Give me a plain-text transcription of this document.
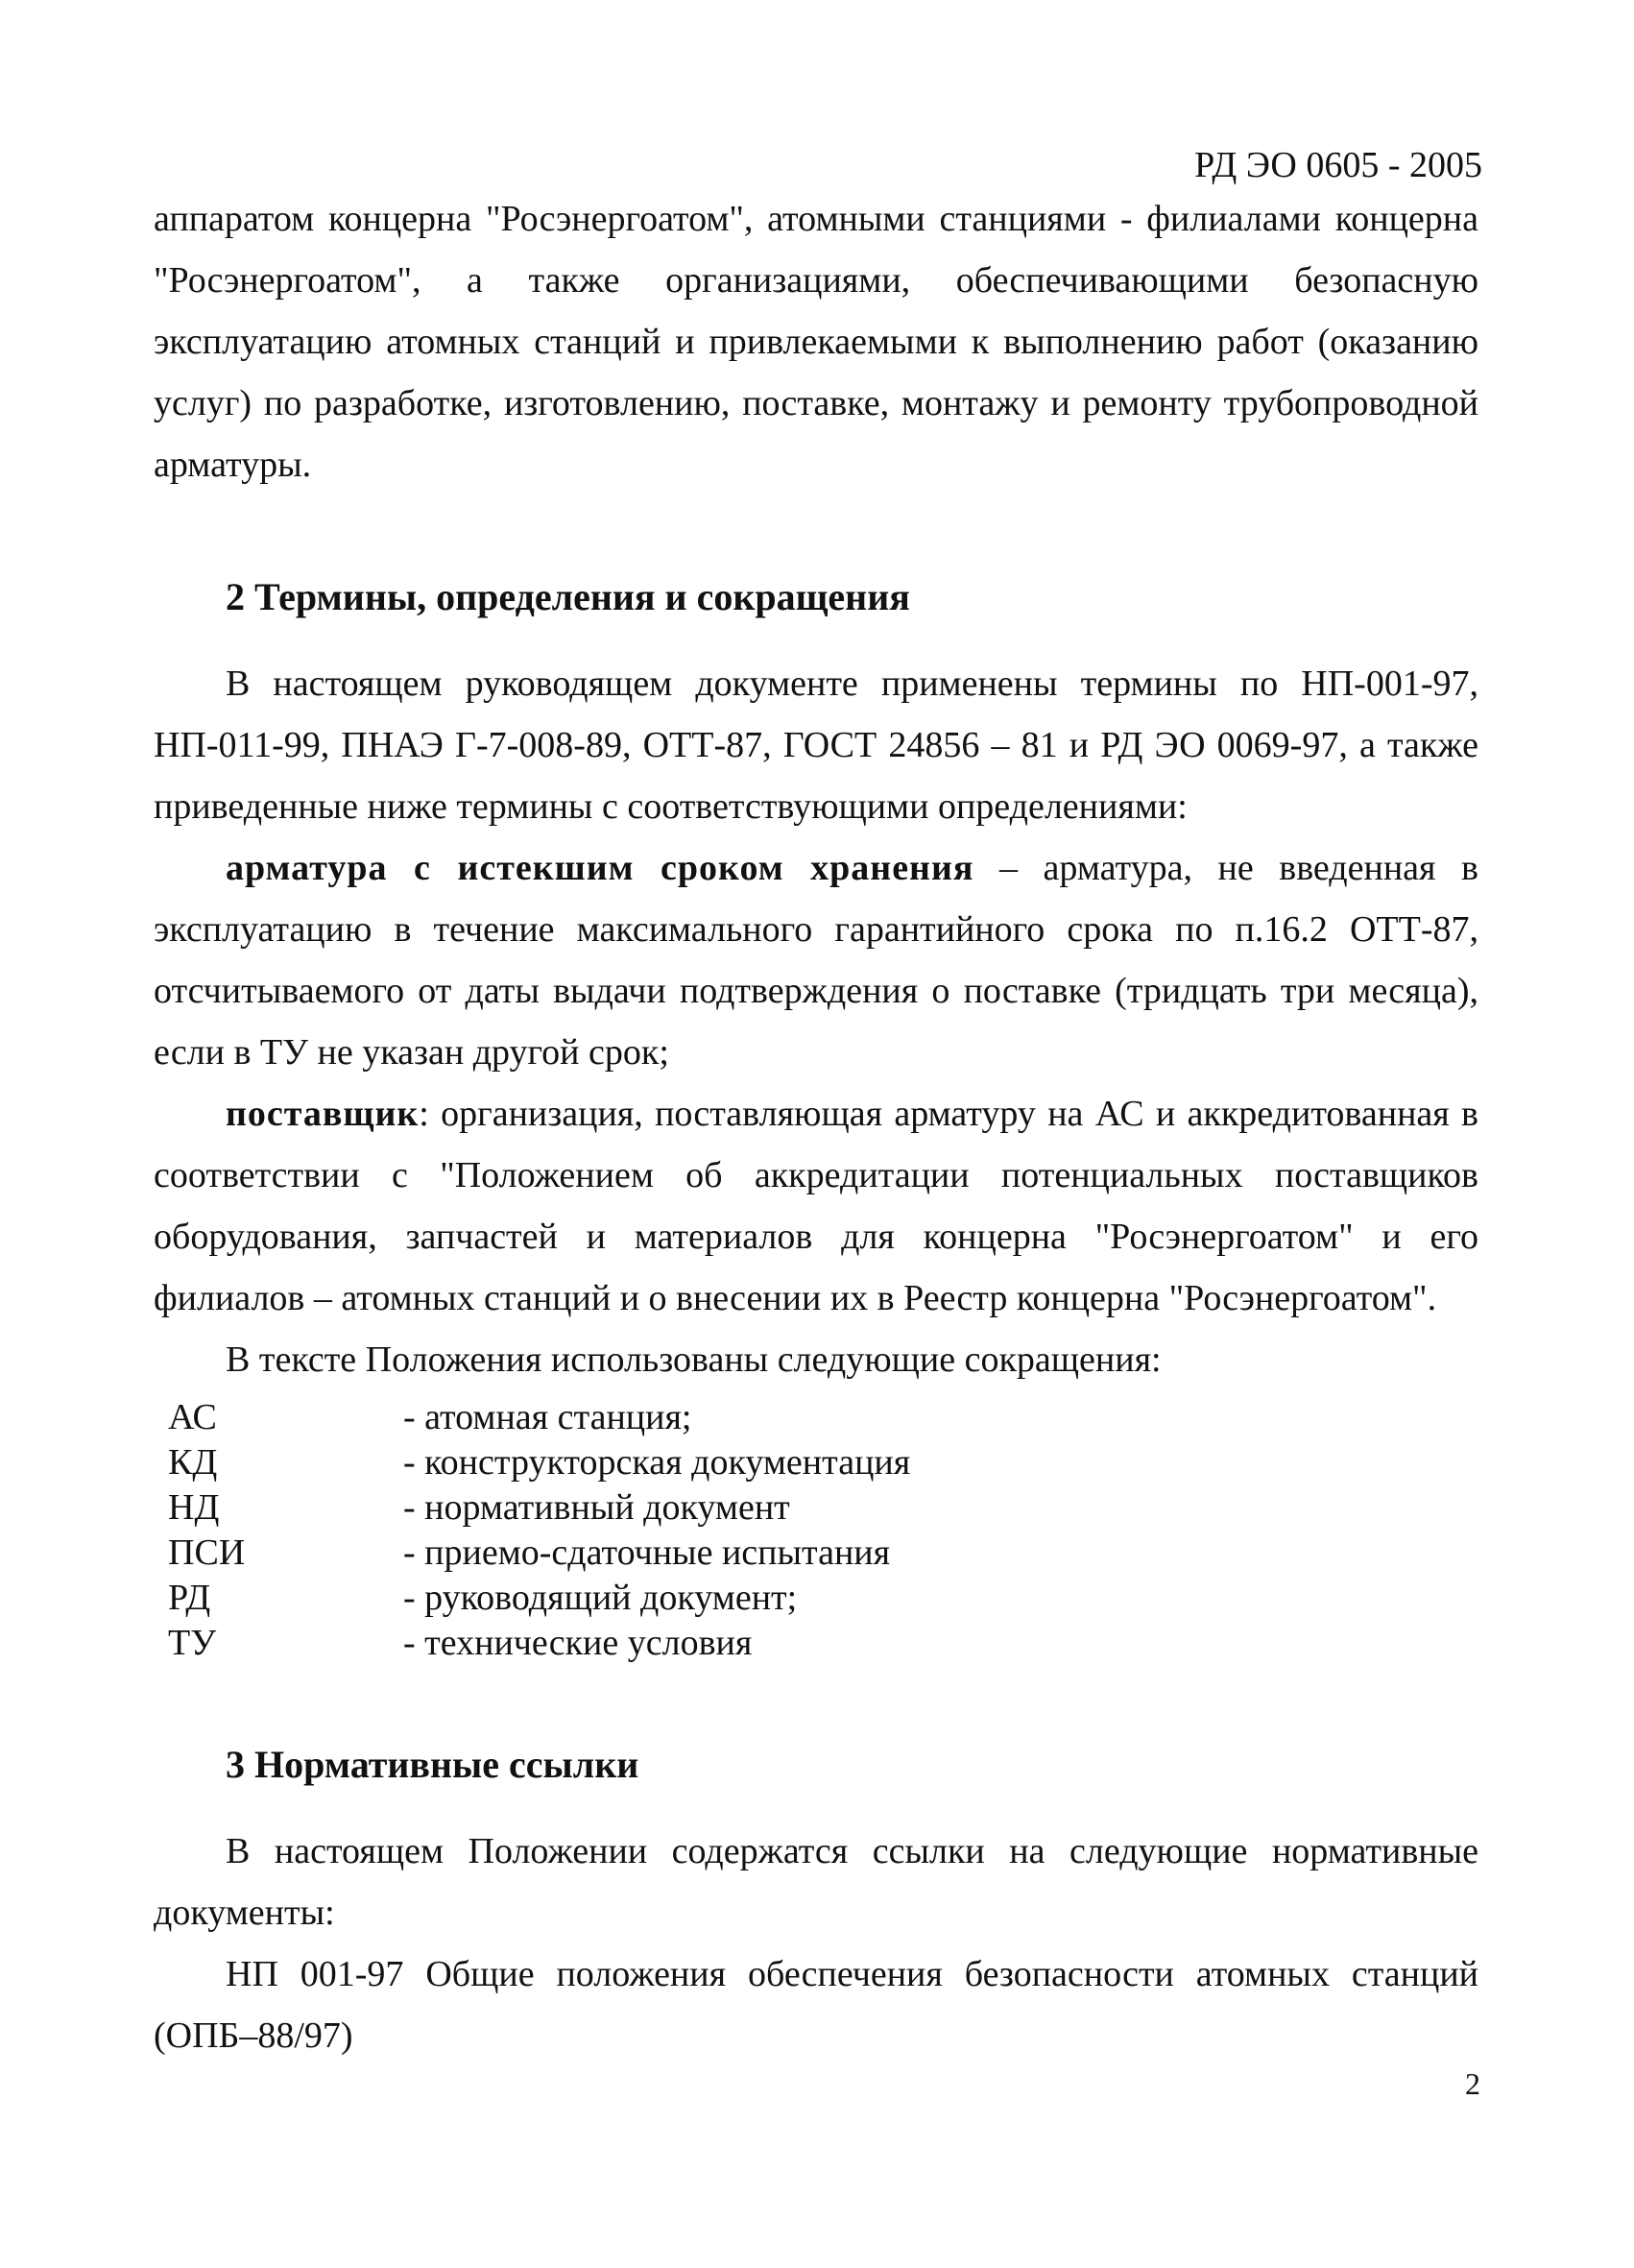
РД ЭО 0605 - 2005
аппаратом концерна "Росэнергоатом", атомными станциями - филиалами концерна "Росэнергоатом", а также организациями, обеспечивающими безопасную эксплуатацию атомных станций и привлекаемыми к выполнению работ (оказанию услуг) по разработке, изготовлению, поставке, монтажу и ремонту трубопроводной арматуры.
2 Термины, определения и сокращения
В настоящем руководящем документе применены термины по НП-001-97, НП-011-99, ПНАЭ Г-7-008-89, ОТТ-87, ГОСТ 24856 – 81 и РД ЭО 0069-97, а также приведенные ниже термины с соответствующими определениями:
арматура с истекшим сроком хранения – арматура, не введенная в эксплуатацию в течение максимального гарантийного срока по п.16.2 ОТТ-87, отсчитываемого от даты выдачи подтверждения о поставке (тридцать три месяца), если в ТУ не указан другой срок;
поставщик: организация, поставляющая арматуру на АС и аккредитованная в соответствии с "Положением об аккредитации потенциальных поставщиков оборудования, запчастей и материалов для концерна "Росэнергоатом" и его филиалов – атомных станций и о внесении их в Реестр концерна "Росэнергоатом".
В тексте Положения использованы следующие сокращения:
АС	- атомная станция;
КД	- конструкторская документация
НД	- нормативный документ
ПСИ	- приемо-сдаточные испытания
РД	- руководящий документ;
ТУ	- технические условия
3 Нормативные ссылки
В настоящем Положении содержатся ссылки на следующие нормативные документы:
НП 001-97 Общие положения обеспечения безопасности атомных станций (ОПБ–88/97)
2
